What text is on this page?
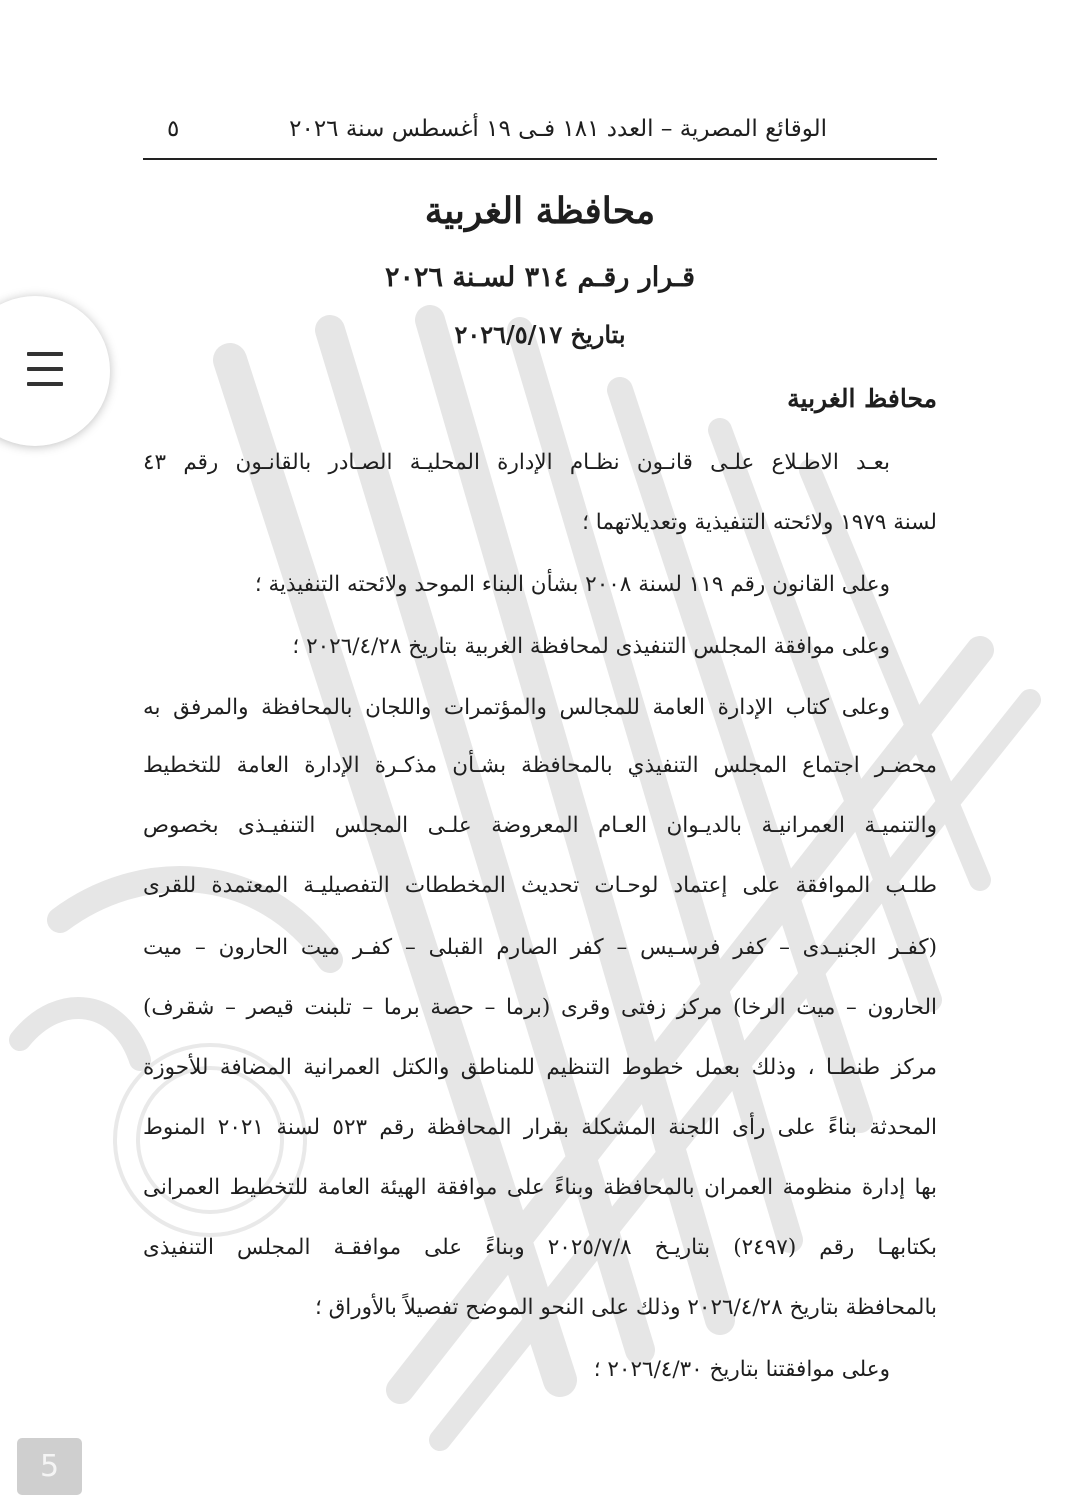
الوقائع المصرية – العدد ١٨١ فـى ١٩ أغسطس سنة ٢٠٢٦
٥
محافظة الغربية
قـرار رقـم ٣١٤ لسـنة ٢٠٢٦
بتاريخ ٢٠٢٦/٥/١٧
محافظ الغربية
بعـد الاطـلاع علـى قانـون نظـام الإدارة المحليـة الصـادر بالقانـون رقم ٤٣
لسنة ١٩٧٩ ولائحته التنفيذية وتعديلاتهما ؛
وعلى القانون رقم ١١٩ لسنة ٢٠٠٨ بشأن البناء الموحد ولائحته التنفيذية ؛
وعلى موافقة المجلس التنفيذى لمحافظة الغربية بتاريخ ٢٠٢٦/٤/٢٨ ؛
وعلى كتاب الإدارة العامة للمجالس والمؤتمرات واللجان بالمحافظة والمرفق به
محضـر اجتماع المجلس التنفيذي بالمحافظة بشـأن مذكـرة الإدارة العامة للتخطيط
والتنميـة العمرانيـة بالديـوان العـام المعروضة علـى المجلس التنفيـذى بخصوص
طلـب الموافقة على إعتماد لوحـات تحديث المخططات التفصيليـة المعتمدة للقرى
(كفـر الجنيـدى – كفر فرسـيس – كفر الصارم القبلى – كفـر ميت الحارون – ميت
الحارون – ميت الرخا) مركز زفتى وقرى (برما – حصة برما – تلبنت قيصر – شقرف)
مركز طنطـا ، وذلك بعمل خطوط التنظيم للمناطق والكتل العمرانية المضافة للأحوزة
المحدثة بناءً على رأى اللجنة المشكلة بقرار المحافظة رقم ٥٢٣ لسنة ٢٠٢١ المنوط
بها إدارة منظومة العمران بالمحافظة وبناءً على موافقة الهيئة العامة للتخطيط العمرانى
بكتابهـا رقم (٢٤٩٧) بتاريـخ ٢٠٢٥/٧/٨ وبناءً على موافقـة المجلس التنفيذى
بالمحافظة بتاريخ ٢٠٢٦/٤/٢٨ وذلك على النحو الموضح تفصيلاً بالأوراق ؛
وعلى موافقتنا بتاريخ ٢٠٢٦/٤/٣٠ ؛
5
